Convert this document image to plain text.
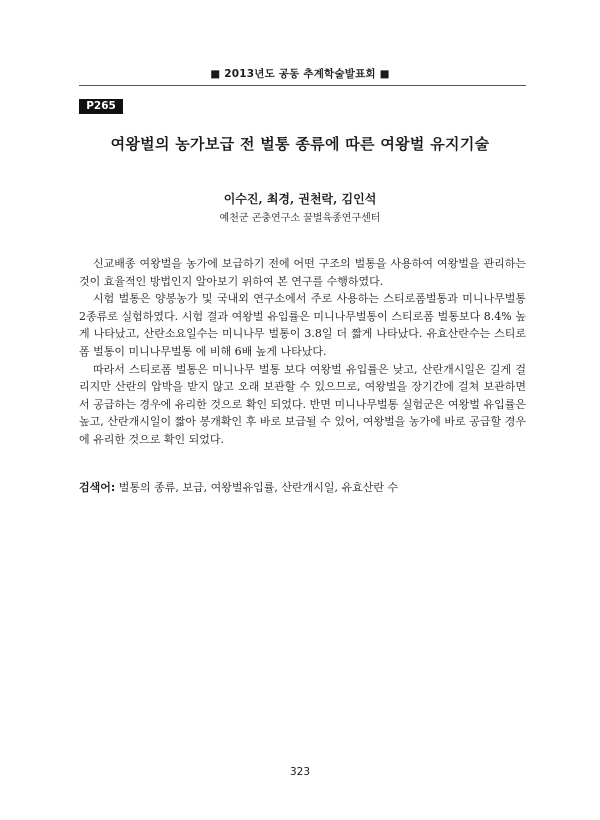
■ 2013년도 공동 추계학술발표회 ■
P265
여왕벌의 농가보급 전 벌통 종류에 따른 여왕벌 유지기술
이수진, 최경, 권천락, 김인석
예천군 곤충연구소 꿀벌육종연구센터

신교배종 여왕벌을 농가에 보급하기 전에 어떤 구조의 벌통을 사용하여 여왕벌을 관리하는 것이 효율적인 방법인지 알아보기 위하여 본 연구를 수행하였다.

시험 벌통은 양봉농가 및 국내외 연구소에서 주로 사용하는 스티로폼벌통과 미니나무벌통 2종류로 실험하였다. 시험 결과 여왕벌 유입률은 미니나무벌통이 스티로폼 벌통보다 8.4% 높게 나타났고, 산란소요일수는 미니나무 벌통이 3.8일 더 짧게 나타났다. 유효산란수는 스티로폼 벌통이 미니나무벌통 에 비해 6배 높게 나타났다.

따라서 스티로폼 벌통은 미니나무 벌통 보다 여왕벌 유입률은 낮고, 산란개시일은 길게 걸리지만 산란의 압박을 받지 않고 오래 보관할 수 있으므로, 여왕벌을 장기간에 걸쳐 보관하면서 공급하는 경우에 유리한 것으로 확인 되었다. 반면 미니나무벌통 실험군은 여왕벌 유입률은 높고, 산란개시일이 짧아 봉개확인 후 바로 보급될 수 있어, 여왕벌을 농가에 바로 공급할 경우에 유리한 것으로 확인 되었다.

검색어: 벌통의 종류, 보급, 여왕벌유입률, 산란개시일, 유효산란 수
323
